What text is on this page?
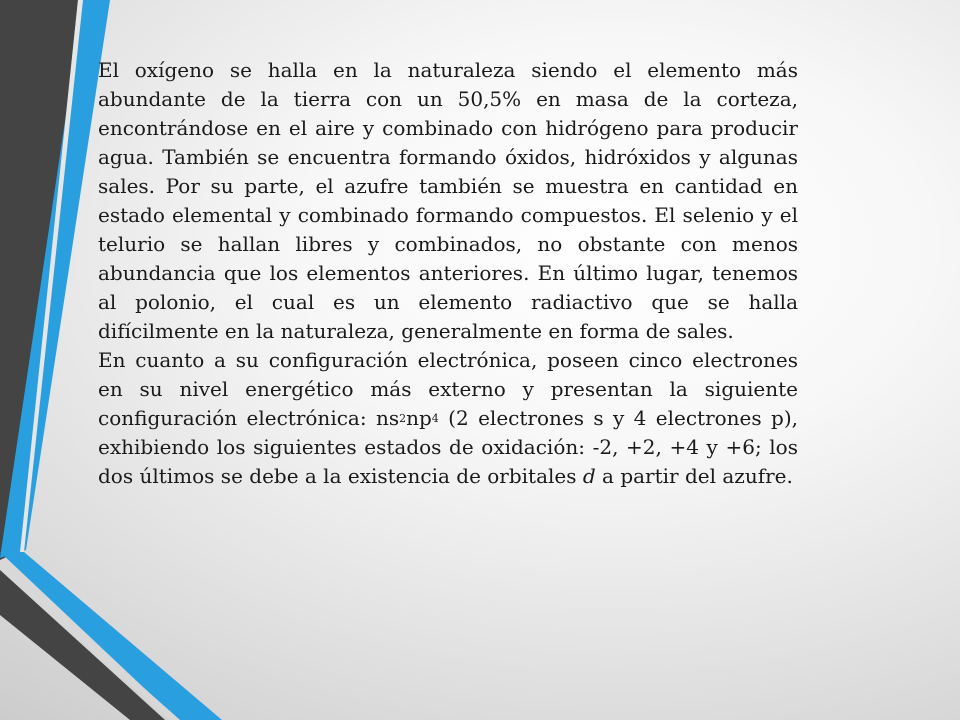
El oxígeno se halla en la naturaleza siendo el elemento más abundante de la tierra con un 50,5% en masa de la corteza, encontrándose en el aire y combinado con hidrógeno para producir agua. También se encuentra formando óxidos, hidróxidos y algunas sales. Por su parte, el azufre también se muestra en cantidad en estado elemental y combinado formando compuestos. El selenio y el telurio se hallan libres y combinados, no obstante con menos abundancia que los elementos anteriores. En último lugar, tenemos al polonio, el cual es un elemento radiactivo que se halla difícilmente en la naturaleza, generalmente en forma de sales.

En cuanto a su configuración electrónica, poseen cinco electrones en su nivel energético más externo y presentan la siguiente configuración electrónica: $ns^2np^4$ (2 electrones s y 4 electrones p), exhibiendo los siguientes estados de oxidación: -2, +2, +4 y +6; los dos últimos se debe a la existencia de orbitales d a partir del azufre.
